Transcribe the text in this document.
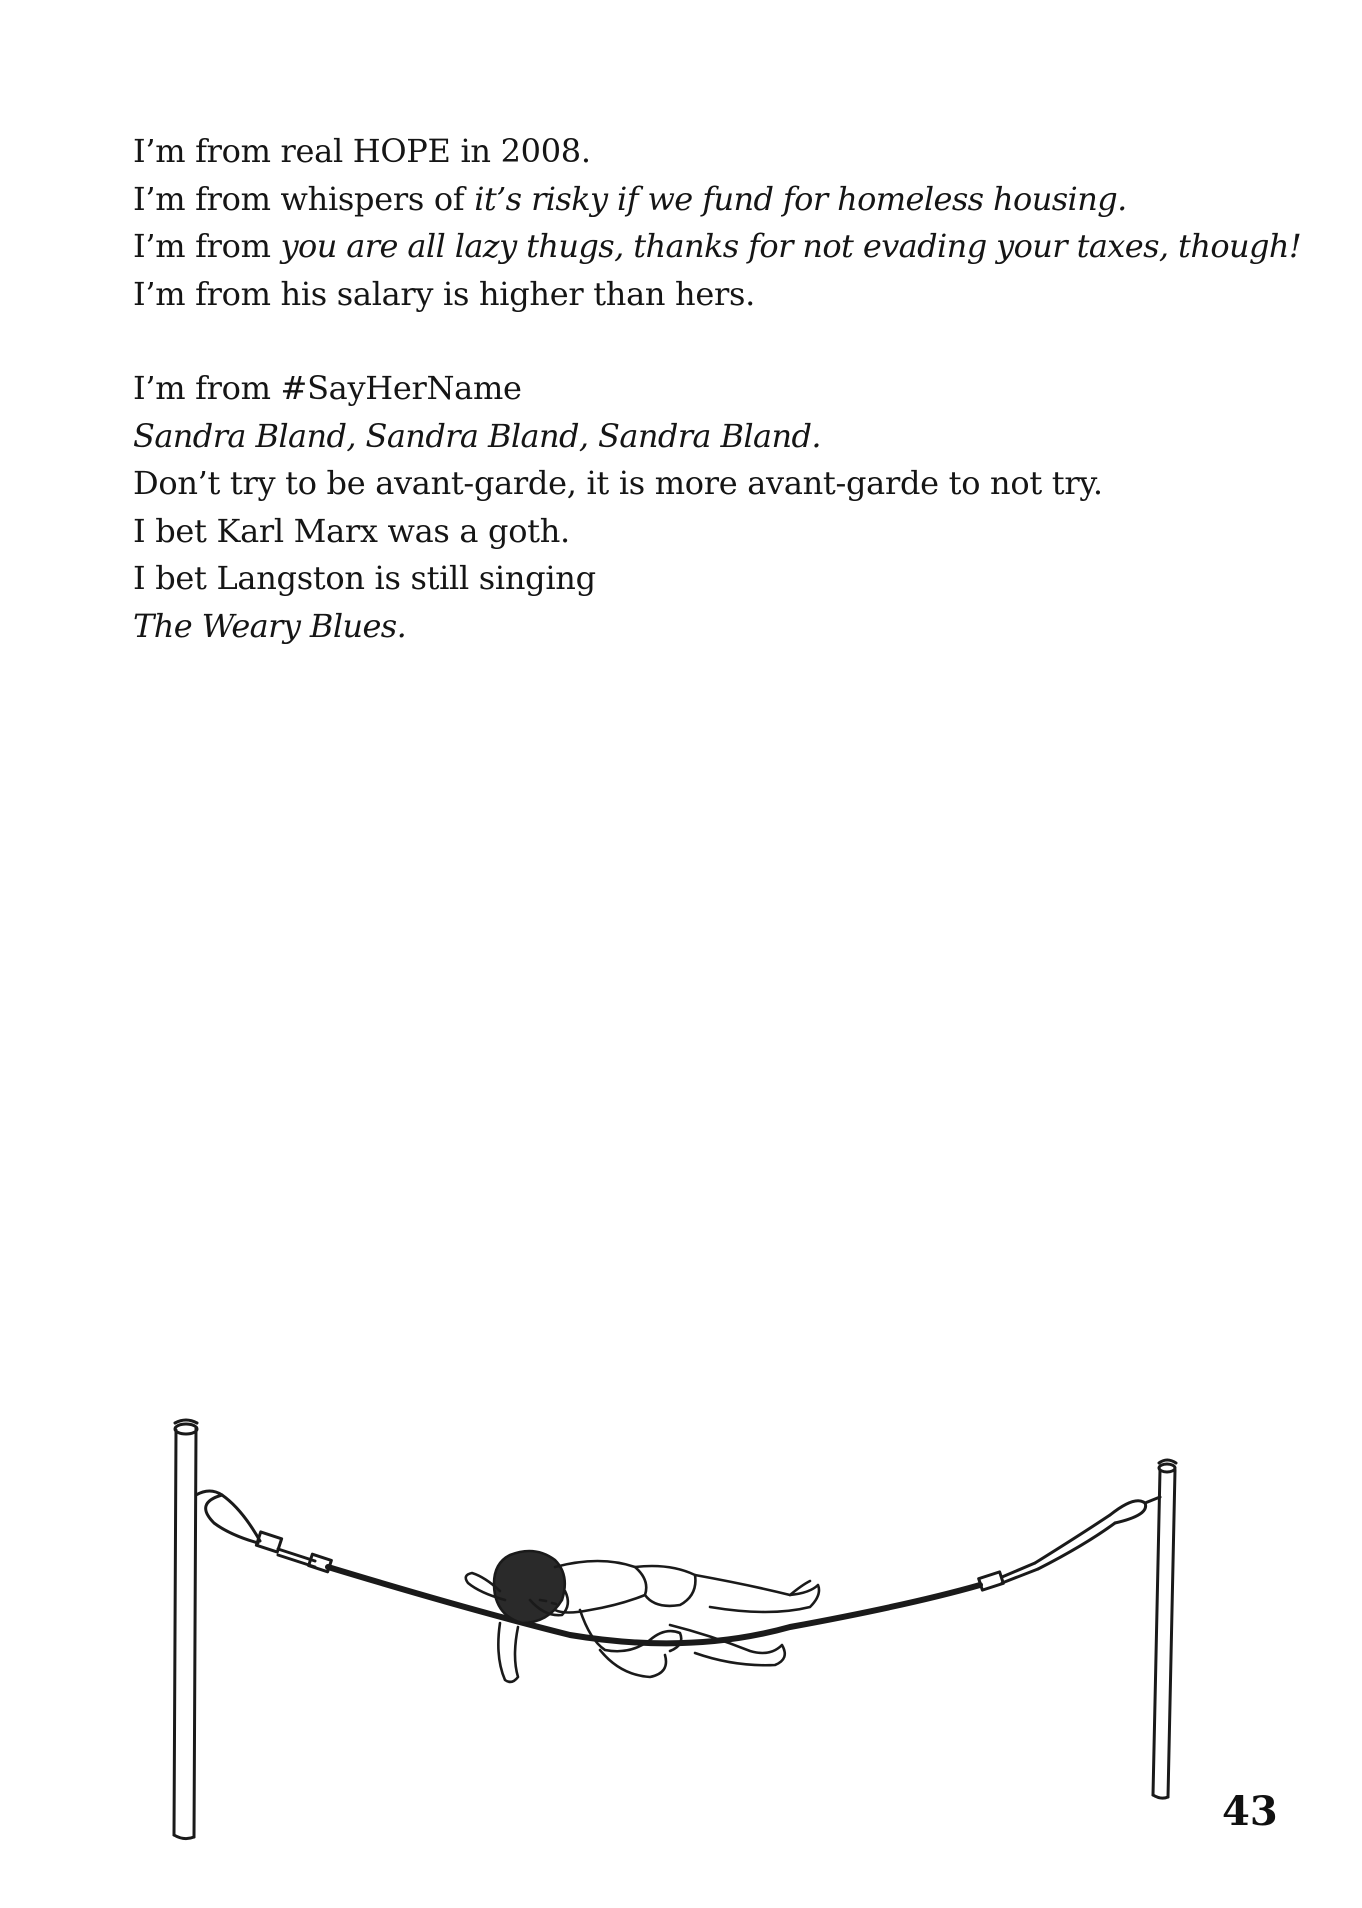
I’m from real HOPE in 2008.
I’m from whispers of it’s risky if we fund for homeless housing.
I’m from you are all lazy thugs, thanks for not evading your taxes, though!
I’m from his salary is higher than hers.
I’m from #SayHerName
Sandra Bland, Sandra Bland, Sandra Bland.
Don’t try to be avant-garde, it is more avant-garde to not try.
I bet Karl Marx was a goth.
I bet Langston is still singing
The Weary Blues.
43
